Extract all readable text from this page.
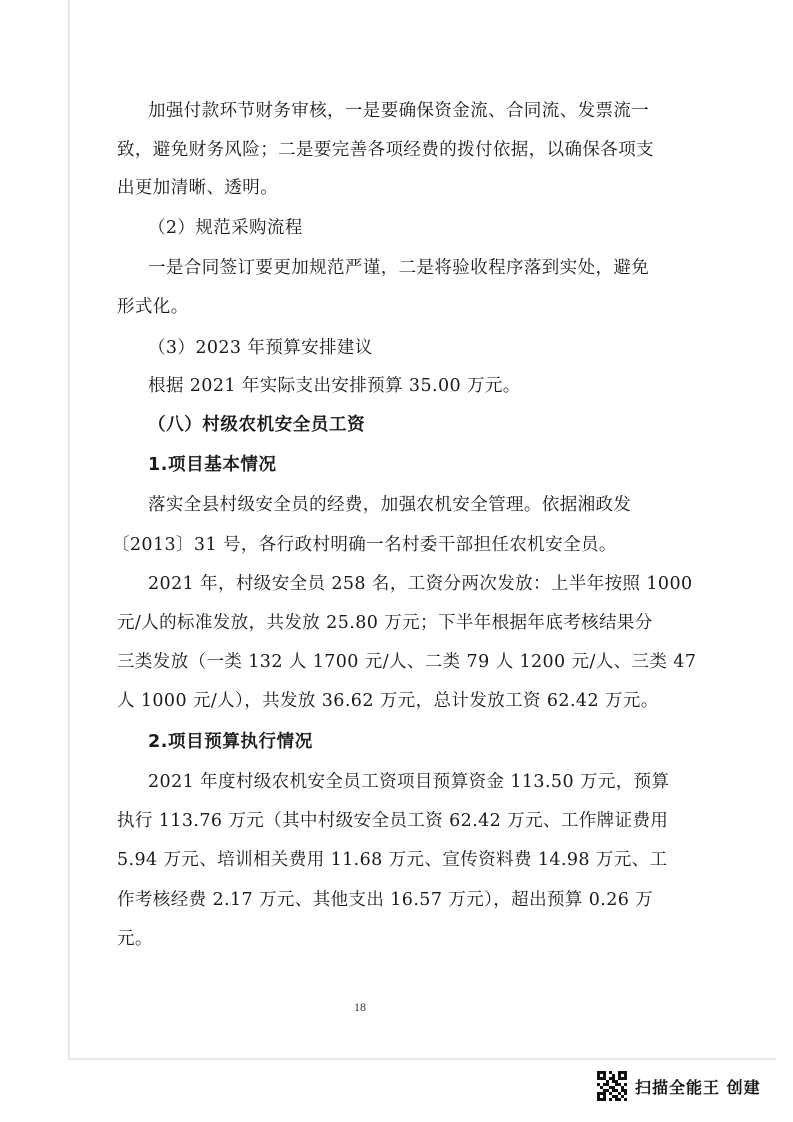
加强付款环节财务审核，一是要确保资金流、合同流、发票流一
致，避免财务风险；二是要完善各项经费的拨付依据，以确保各项支
出更加清晰、透明。
（2）规范采购流程
一是合同签订要更加规范严谨，二是将验收程序落到实处，避免
形式化。
（3）2023 年预算安排建议
根据 2021 年实际支出安排预算 35.00 万元。
（八）村级农机安全员工资
1.项目基本情况
落实全县村级安全员的经费，加强农机安全管理。依据湘政发
〔2013〕31 号，各行政村明确一名村委干部担任农机安全员。
2021 年，村级安全员 258 名，工资分两次发放：上半年按照 1000
元/人的标准发放，共发放 25.80 万元；下半年根据年底考核结果分
三类发放（一类 132 人 1700 元/人、二类 79 人 1200 元/人、三类 47
人 1000 元/人），共发放 36.62 万元，总计发放工资 62.42 万元。
2.项目预算执行情况
2021 年度村级农机安全员工资项目预算资金 113.50 万元，预算
执行 113.76 万元（其中村级安全员工资 62.42 万元、工作牌证费用
5.94 万元、培训相关费用 11.68 万元、宣传资料费 14.98 万元、工
作考核经费 2.17 万元、其他支出 16.57 万元），超出预算 0.26 万
元。
18
扫描全能王 创建
